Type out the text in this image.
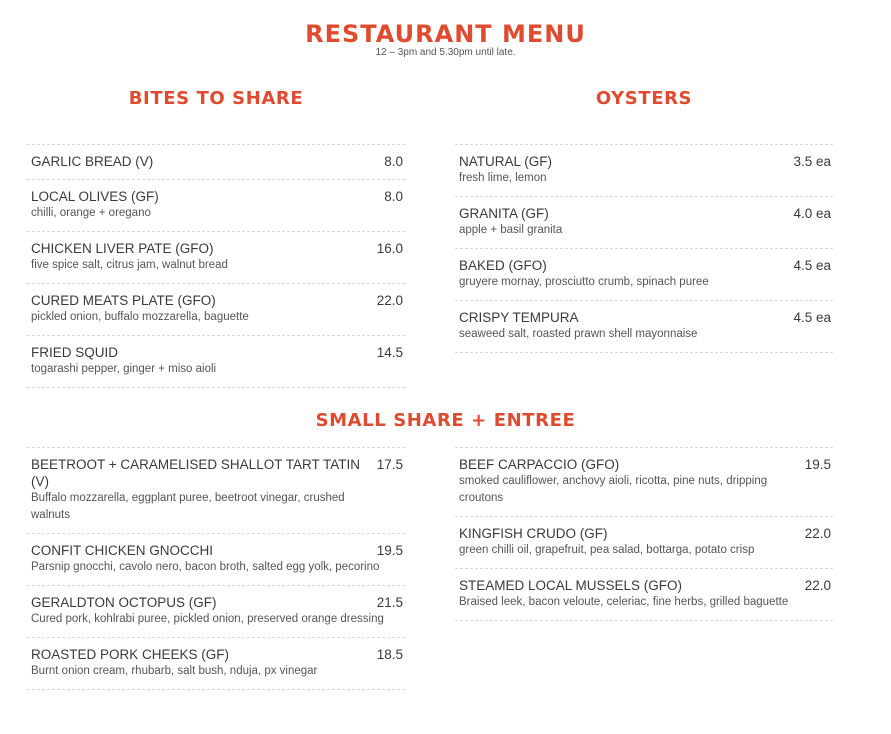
RESTAURANT MENU
12 – 3pm and 5.30pm until late.
BITES TO SHARE
GARLIC BREAD (V)	8.0
LOCAL OLIVES (GF)
chilli, orange + oregano
8.0
CHICKEN LIVER PATE (GFO)
five spice salt, citrus jam, walnut bread
16.0
CURED MEATS PLATE (GFO)
pickled onion, buffalo mozzarella, baguette
22.0
FRIED SQUID
togarashi pepper, ginger + miso aioli
14.5
OYSTERS
NATURAL (GF)
fresh lime, lemon
3.5 ea
GRANITA (GF)
apple + basil granita
4.0 ea
BAKED (GFO)
gruyere mornay, prosciutto crumb, spinach puree
4.5 ea
CRISPY TEMPURA
seaweed salt, roasted prawn shell mayonnaise
4.5 ea
SMALL SHARE + ENTREE
BEETROOT + CARAMELISED SHALLOT TART TATIN (V)
Buffalo mozzarella, eggplant puree, beetroot vinegar, crushed walnuts
17.5
CONFIT CHICKEN GNOCCHI
Parsnip gnocchi, cavolo nero, bacon broth, salted egg yolk, pecorino
19.5
GERALDTON OCTOPUS (GF)
Cured pork, kohlrabi puree, pickled onion, preserved orange dressing
21.5
ROASTED PORK CHEEKS (GF)
Burnt onion cream, rhubarb, salt bush, nduja, px vinegar
18.5
BEEF CARPACCIO (GFO)
smoked cauliflower, anchovy aioli, ricotta, pine nuts, dripping croutons
19.5
KINGFISH CRUDO (GF)
green chilli oil, grapefruit, pea salad, bottarga, potato crisp
22.0
STEAMED LOCAL MUSSELS (GFO)
Braised leek, bacon veloute, celeriac, fine herbs, grilled baguette
22.0
